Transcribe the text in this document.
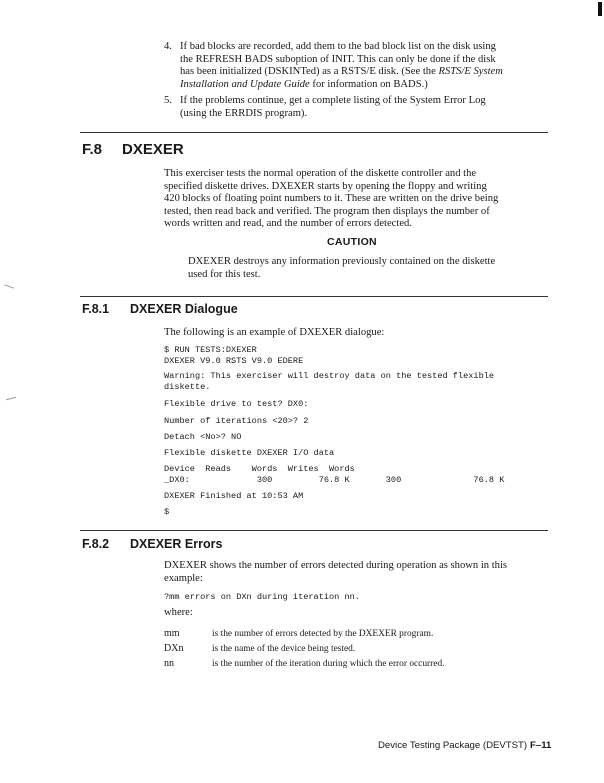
4. If bad blocks are recorded, add them to the bad block list on the disk using
the REFRESH BADS suboption of INIT. This can only be done if the disk
has been initialized (DSKINTed) as a RSTS/E disk. (See the RSTS/E System
Installation and Update Guide for information on BADS.)
5. If the problems continue, get a complete listing of the System Error Log
(using the ERRDIS program).
F.8 DXEXER
This exerciser tests the normal operation of the diskette controller and the
specified diskette drives. DXEXER starts by opening the floppy and writing
420 blocks of floating point numbers to it. These are written on the drive being
tested, then read back and verified. The program then displays the number of
words written and read, and the number of errors detected.
CAUTION
DXEXER destroys any information previously contained on the diskette
used for this test.
F.8.1 DXEXER Dialogue
The following is an example of DXEXER dialogue:
$ RUN TESTS:DXEXER
DXEXER V9.0 RSTS V9.0 EDERE
Warning: This exerciser will destroy data on the tested flexible
diskette.
Flexible drive to test? DX0:
Number of iterations <20>? 2
Detach <No>? NO
Flexible diskette DXEXER I/O data
Device  Reads    Words  Writes  Words
_DX0:             300         76.8 K       300              76.8 K
DXEXER Finished at 10:53 AM
$
F.8.2 DXEXER Errors
DXEXER shows the number of errors detected during operation as shown in this
example:
?mm errors on DXn during iteration nn.
where:
mm	is the number of errors detected by the DXEXER program.
DXn	is the name of the device being tested.
nn	is the number of the iteration during which the error occurred.
Device Testing Package (DEVTST) F–11
